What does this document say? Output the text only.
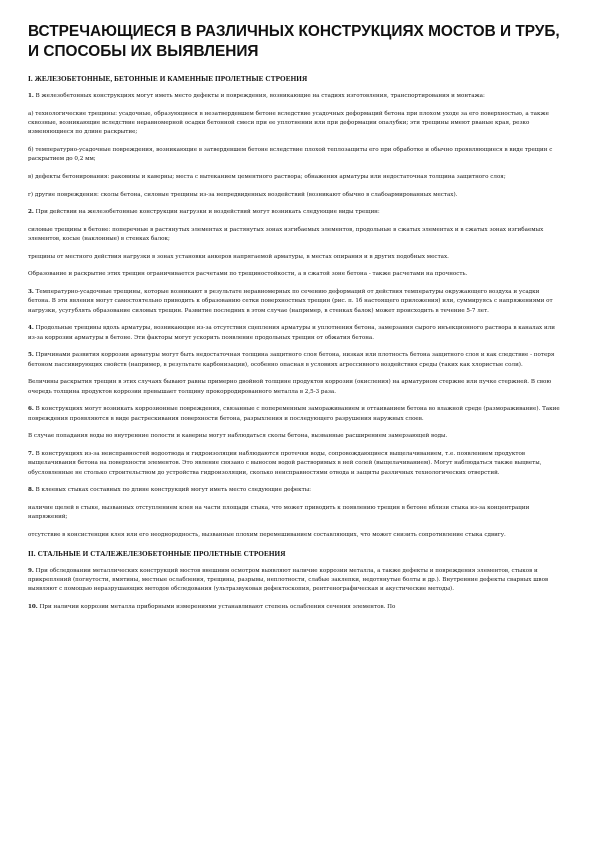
ВСТРЕЧАЮЩИЕСЯ В РАЗЛИЧНЫХ КОНСТРУКЦИЯХ МОСТОВ И ТРУБ, И СПОСОБЫ ИХ ВЫЯВЛЕНИЯ
I. ЖЕЛЕЗОБЕТОННЫЕ, БЕТОННЫЕ И КАМЕННЫЕ ПРОЛЕТНЫЕ СТРОЕНИЯ

1. В железобетонных конструкциях могут иметь место дефекты и повреждения, возникающие на стадиях изготовления, транспортирования и монтажа:

а) технологические трещины: усадочные, образующиеся в незатвердевшем бетоне вследствие усадочных деформаций бетона при плохом уходе за его поверхностью, а также сквозные, возникающие вследствие неравномерной осадки бетонной смеси при ее уплотнении или при деформации опалубки; эти трещины имеют рваные края, резко изменяющиеся по длине раскрытие;

б) температурно-усадочные повреждения, возникающие в затвердевшем бетоне вследствие плохой теплозащиты его при обработке и обычно проявляющиеся в виде трещин с раскрытием до 0,2 мм;

в) дефекты бетонирования: раковины и каверны; места с вытеканием цементного раствора; обнажения арматуры или недостаточная толщина защитного слоя;

г) другие повреждения: сколы бетона, силовые трещины из-за непредвиденных воздействий (возникают обычно в слабоармированных местах).

2. При действии на железобетонные конструкции нагрузки и воздействий могут возникать следующие виды трещин:

силовые трещины в бетоне: поперечные в растянутых элементах и растянутых зонах изгибаемых элементов, продольные в сжатых элементах и в сжатых зонах изгибаемых элементов, косые (наклонные) в стенках балок;

трещины от местного действия нагрузки в зонах установки анкеров напрягаемой арматуры, в местах опирания и в других подобных местах.

Образование и раскрытие этих трещин ограничивается расчетами по трещиностойкости, а в сжатой зоне бетона - также расчетами на прочность.

3. Температурно-усадочные трещины, которые возникают в результате неравномерных по сечению деформаций от действия температуры окружающего воздуха и усадки бетона. В эти явления могут самостоятельно приводить к образованию сетки поверхностных трещин (рис. п. 1б настоящего приложения) или, суммируясь с напряжениями от нагрузки, усугублять образование силовых трещин. Развитие последних в этом случае (например, в стенках балок) может происходить в течение 5-7 лет.

4. Продольные трещины вдоль арматуры, возникающие из-за отсутствия сцепления арматуры и уплотнения бетона, замерзания сырого инъекционного раствора в каналах или из-за коррозии арматуры в бетоне. Эти факторы могут ускорить появление продольных трещин от обжатия бетона.

5. Причинами развития коррозии арматуры могут быть недостаточная толщина защитного слоя бетона, низкая или плотность бетона защитного слоя и как следствие - потеря бетоном пассивирующих свойств (например, в результате карбонизации), особенно опасная в условиях агрессивного воздействия среды (таких как хлористые соли).

Величины раскрытия трещин в этих случаях бывают равны примерно двойной толщине продуктов коррозии (окисления) на арматурном стержне или пучке стержней. В свою очередь толщина продуктов коррозии превышает толщину прокорродированного металла в 2,5-3 раза.

6. В конструкциях могут возникать коррозионные повреждения, связанные с попеременным замораживанием и оттаиванием бетона во влажной среде (размораживание). Такие повреждения проявляются в виде растрескивания поверхности бетона, разрыхления и последующего разрушения наружных слоев.

В случае попадания воды во внутренние полости и каверны могут наблюдаться сколы бетона, вызванные расширением замерзающей воды.

7. В конструкциях из-за неисправностей водоотвода и гидроизоляции наблюдаются протечки воды, сопровождающиеся выщелачиванием, т.е. появлением продуктов выщелачивания бетона на поверхности элементов. Это явление связано с выносом водой растворимых в ней солей (выщелачиванием). Могут наблюдаться также выцветы, обусловленные не столько строительством до устройства гидроизоляции, сколько неисправностями отвода и защиты различных технологических отверстий.

8. В клеевых стыках составных по длине конструкций могут иметь место следующие дефекты:

наличие щелей в стыке, вызванных отступлением клея на части площади стыка, что может приводить к появлению трещин в бетоне вблизи стыка из-за концентрации напряжений;

отсутствие в консистенции клея или его неоднородность, вызванные плохим перемешиванием составляющих, что может снизить сопротивление стыка сдвигу.

II. СТАЛЬНЫЕ И СТАЛЕЖЕЛЕЗОБЕТОННЫЕ ПРОЛЕТНЫЕ СТРОЕНИЯ

9. При обследовании металлических конструкций мостов внешним осмотром выявляют наличие коррозии металла, а также дефекты и повреждения элементов, стыков и прикреплений (погнутости, вмятины, местные ослабления, трещины, разрывы, неплотности, слабые заклепки, недотянутые болты и др.). Внутренние дефекты сварных швов выявляют с помощью неразрушающих методов обследования (ультразвуковая дефектоскопия, рентгенографическая и акустические методы).

10. При наличии коррозии металла приборными измерениями устанавливают степень ослабления сечения элементов. По
